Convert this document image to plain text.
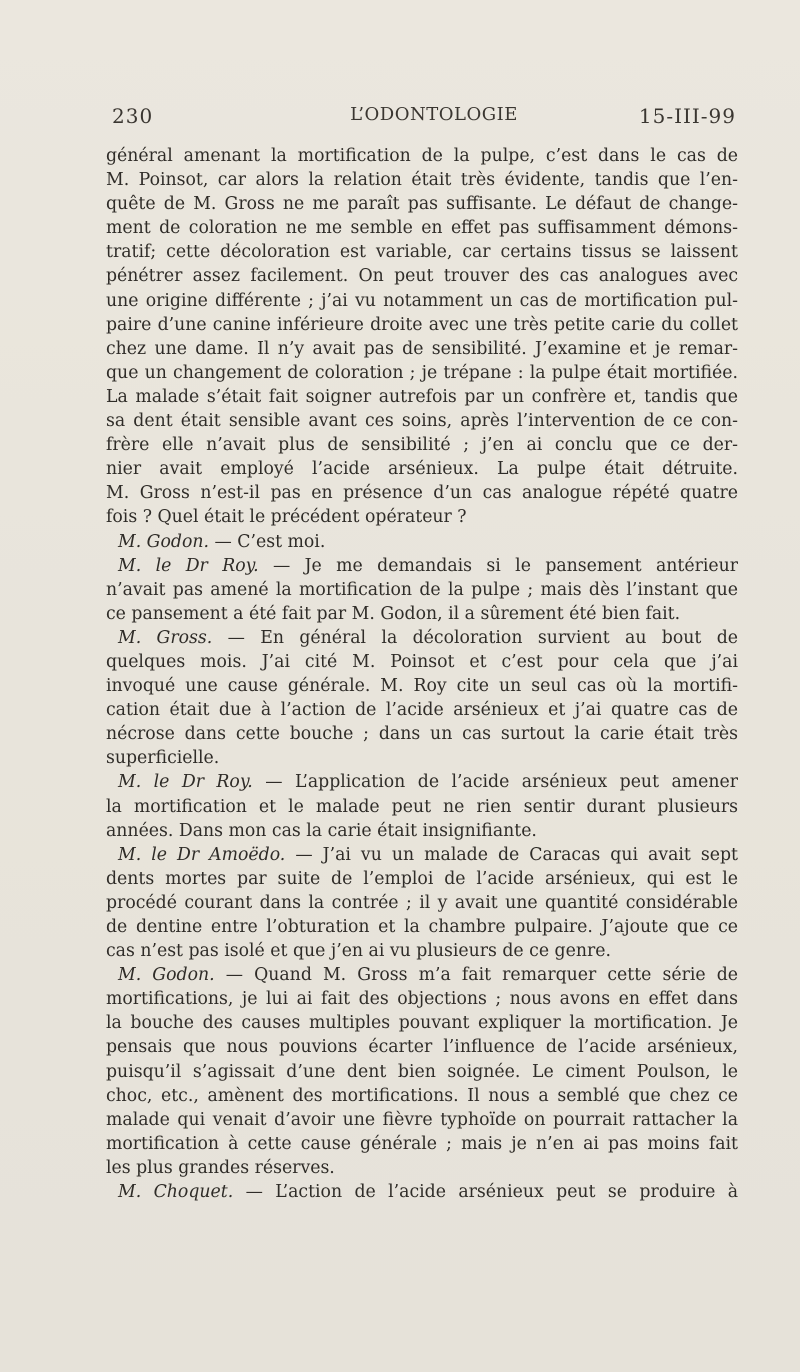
230	L’ODONTOLOGIE	15-III-99
général amenant la mortification de la pulpe, c’est dans le cas de
M. Poinsot, car alors la relation était très évidente, tandis que l’en-
quête de M. Gross ne me paraît pas suffisante. Le défaut de change-
ment de coloration ne me semble en effet pas suffisamment démons-
tratif; cette décoloration est variable, car certains tissus se laissent
pénétrer assez facilement. On peut trouver des cas analogues avec
une origine différente ; j’ai vu notamment un cas de mortification pul-
paire d’une canine inférieure droite avec une très petite carie du collet
chez une dame. Il n’y avait pas de sensibilité. J’examine et je remar-
que un changement de coloration ; je trépane : la pulpe était mortifiée.
La malade s’était fait soigner autrefois par un confrère et, tandis que
sa dent était sensible avant ces soins, après l’intervention de ce con-
frère elle n’avait plus de sensibilité ; j’en ai conclu que ce der-
nier avait employé l’acide arsénieux. La pulpe était détruite.
M. Gross n’est-il pas en présence d’un cas analogue répété quatre
fois ? Quel était le précédent opérateur ?
M. Godon. — C’est moi.
M. le Dr Roy. — Je me demandais si le pansement antérieur
n’avait pas amené la mortification de la pulpe ; mais dès l’instant que
ce pansement a été fait par M. Godon, il a sûrement été bien fait.
M. Gross. — En général la décoloration survient au bout de
quelques mois. J’ai cité M. Poinsot et c’est pour cela que j’ai
invoqué une cause générale. M. Roy cite un seul cas où la mortifi-
cation était due à l’action de l’acide arsénieux et j’ai quatre cas de
nécrose dans cette bouche ; dans un cas surtout la carie était très
superficielle.
M. le Dr Roy. — L’application de l’acide arsénieux peut amener
la mortification et le malade peut ne rien sentir durant plusieurs
années. Dans mon cas la carie était insignifiante.
M. le Dr Amoëdo. — J’ai vu un malade de Caracas qui avait sept
dents mortes par suite de l’emploi de l’acide arsénieux, qui est le
procédé courant dans la contrée ; il y avait une quantité considérable
de dentine entre l’obturation et la chambre pulpaire. J’ajoute que ce
cas n’est pas isolé et que j’en ai vu plusieurs de ce genre.
M. Godon. — Quand M. Gross m’a fait remarquer cette série de
mortifications, je lui ai fait des objections ; nous avons en effet dans
la bouche des causes multiples pouvant expliquer la mortification. Je
pensais que nous pouvions écarter l’influence de l’acide arsénieux,
puisqu’il s’agissait d’une dent bien soignée. Le ciment Poulson, le
choc, etc., amènent des mortifications. Il nous a semblé que chez ce
malade qui venait d’avoir une fièvre typhoïde on pourrait rattacher la
mortification à cette cause générale ; mais je n’en ai pas moins fait
les plus grandes réserves.
M. Choquet. — L’action de l’acide arsénieux peut se produire à
